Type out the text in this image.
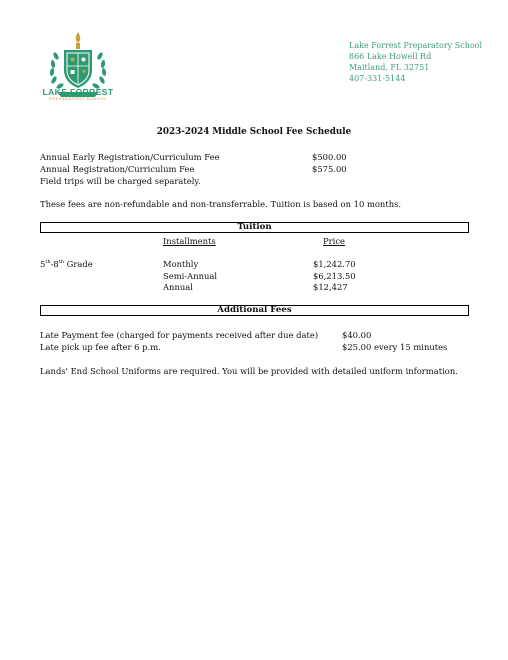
LAKE FORREST
PREPARATORY SCHOOL
Lake Forrest Preparatory School
866 Lake Howell Rd
Maitland, FL 32751
407-331-5144
2023-2024 Middle School Fee Schedule
Annual Early Registration/Curriculum Fee	$500.00
Annual Registration/Curriculum Fee	$575.00
Field trips will be charged separately.
These fees are non-refundable and non-transferrable. Tuition is based on 10 months.
Tuition
Installments	Price
5th-8th Grade	Monthly	$1,242.70
Semi-Annual	$6,213.50
Annual	$12,427
Additional Fees
Late Payment fee (charged for payments received after due date)	$40.00
Late pick up fee after 6 p.m.	$25.00 every 15 minutes
Lands' End School Uniforms are required. You will be provided with detailed uniform information.
